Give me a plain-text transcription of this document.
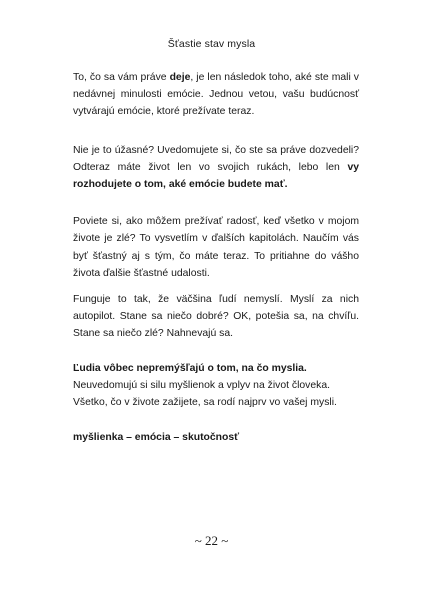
Šťastie stav mysla

To, čo sa vám práve deje, je len následok toho, aké ste mali v nedávnej minulosti emócie. Jednou vetou, vašu budúcnosť vytvárajú emócie, ktoré prežívate teraz.

Nie je to úžasné? Uvedomujete si, čo ste sa práve dozvedeli? Odteraz máte život len vo svojich rukách, lebo len vy rozhodujete o tom, aké emócie budete mať.

Poviete si, ako môžem prežívať radosť, keď všetko v mojom živote je zlé? To vysvetlím v ďalších kapitolách. Naučím vás byť šťastný aj s tým, čo máte teraz. To pritiahne do vášho života ďalšie šťastné udalosti.

Funguje to tak, že väčšina ľudí nemyslí. Myslí za nich autopilot. Stane sa niečo dobré? OK, potešia sa, na chvíľu. Stane sa niečo zlé? Nahnevajú sa.

Ľudia vôbec nepremýšľajú o tom, na čo myslia.
Neuvedomujú si silu myšlienok a vplyv na život človeka.
Všetko, čo v živote zažijete, sa rodí najprv vo vašej mysli.

myšlienka – emócia – skutočnosť

~ 22 ~
